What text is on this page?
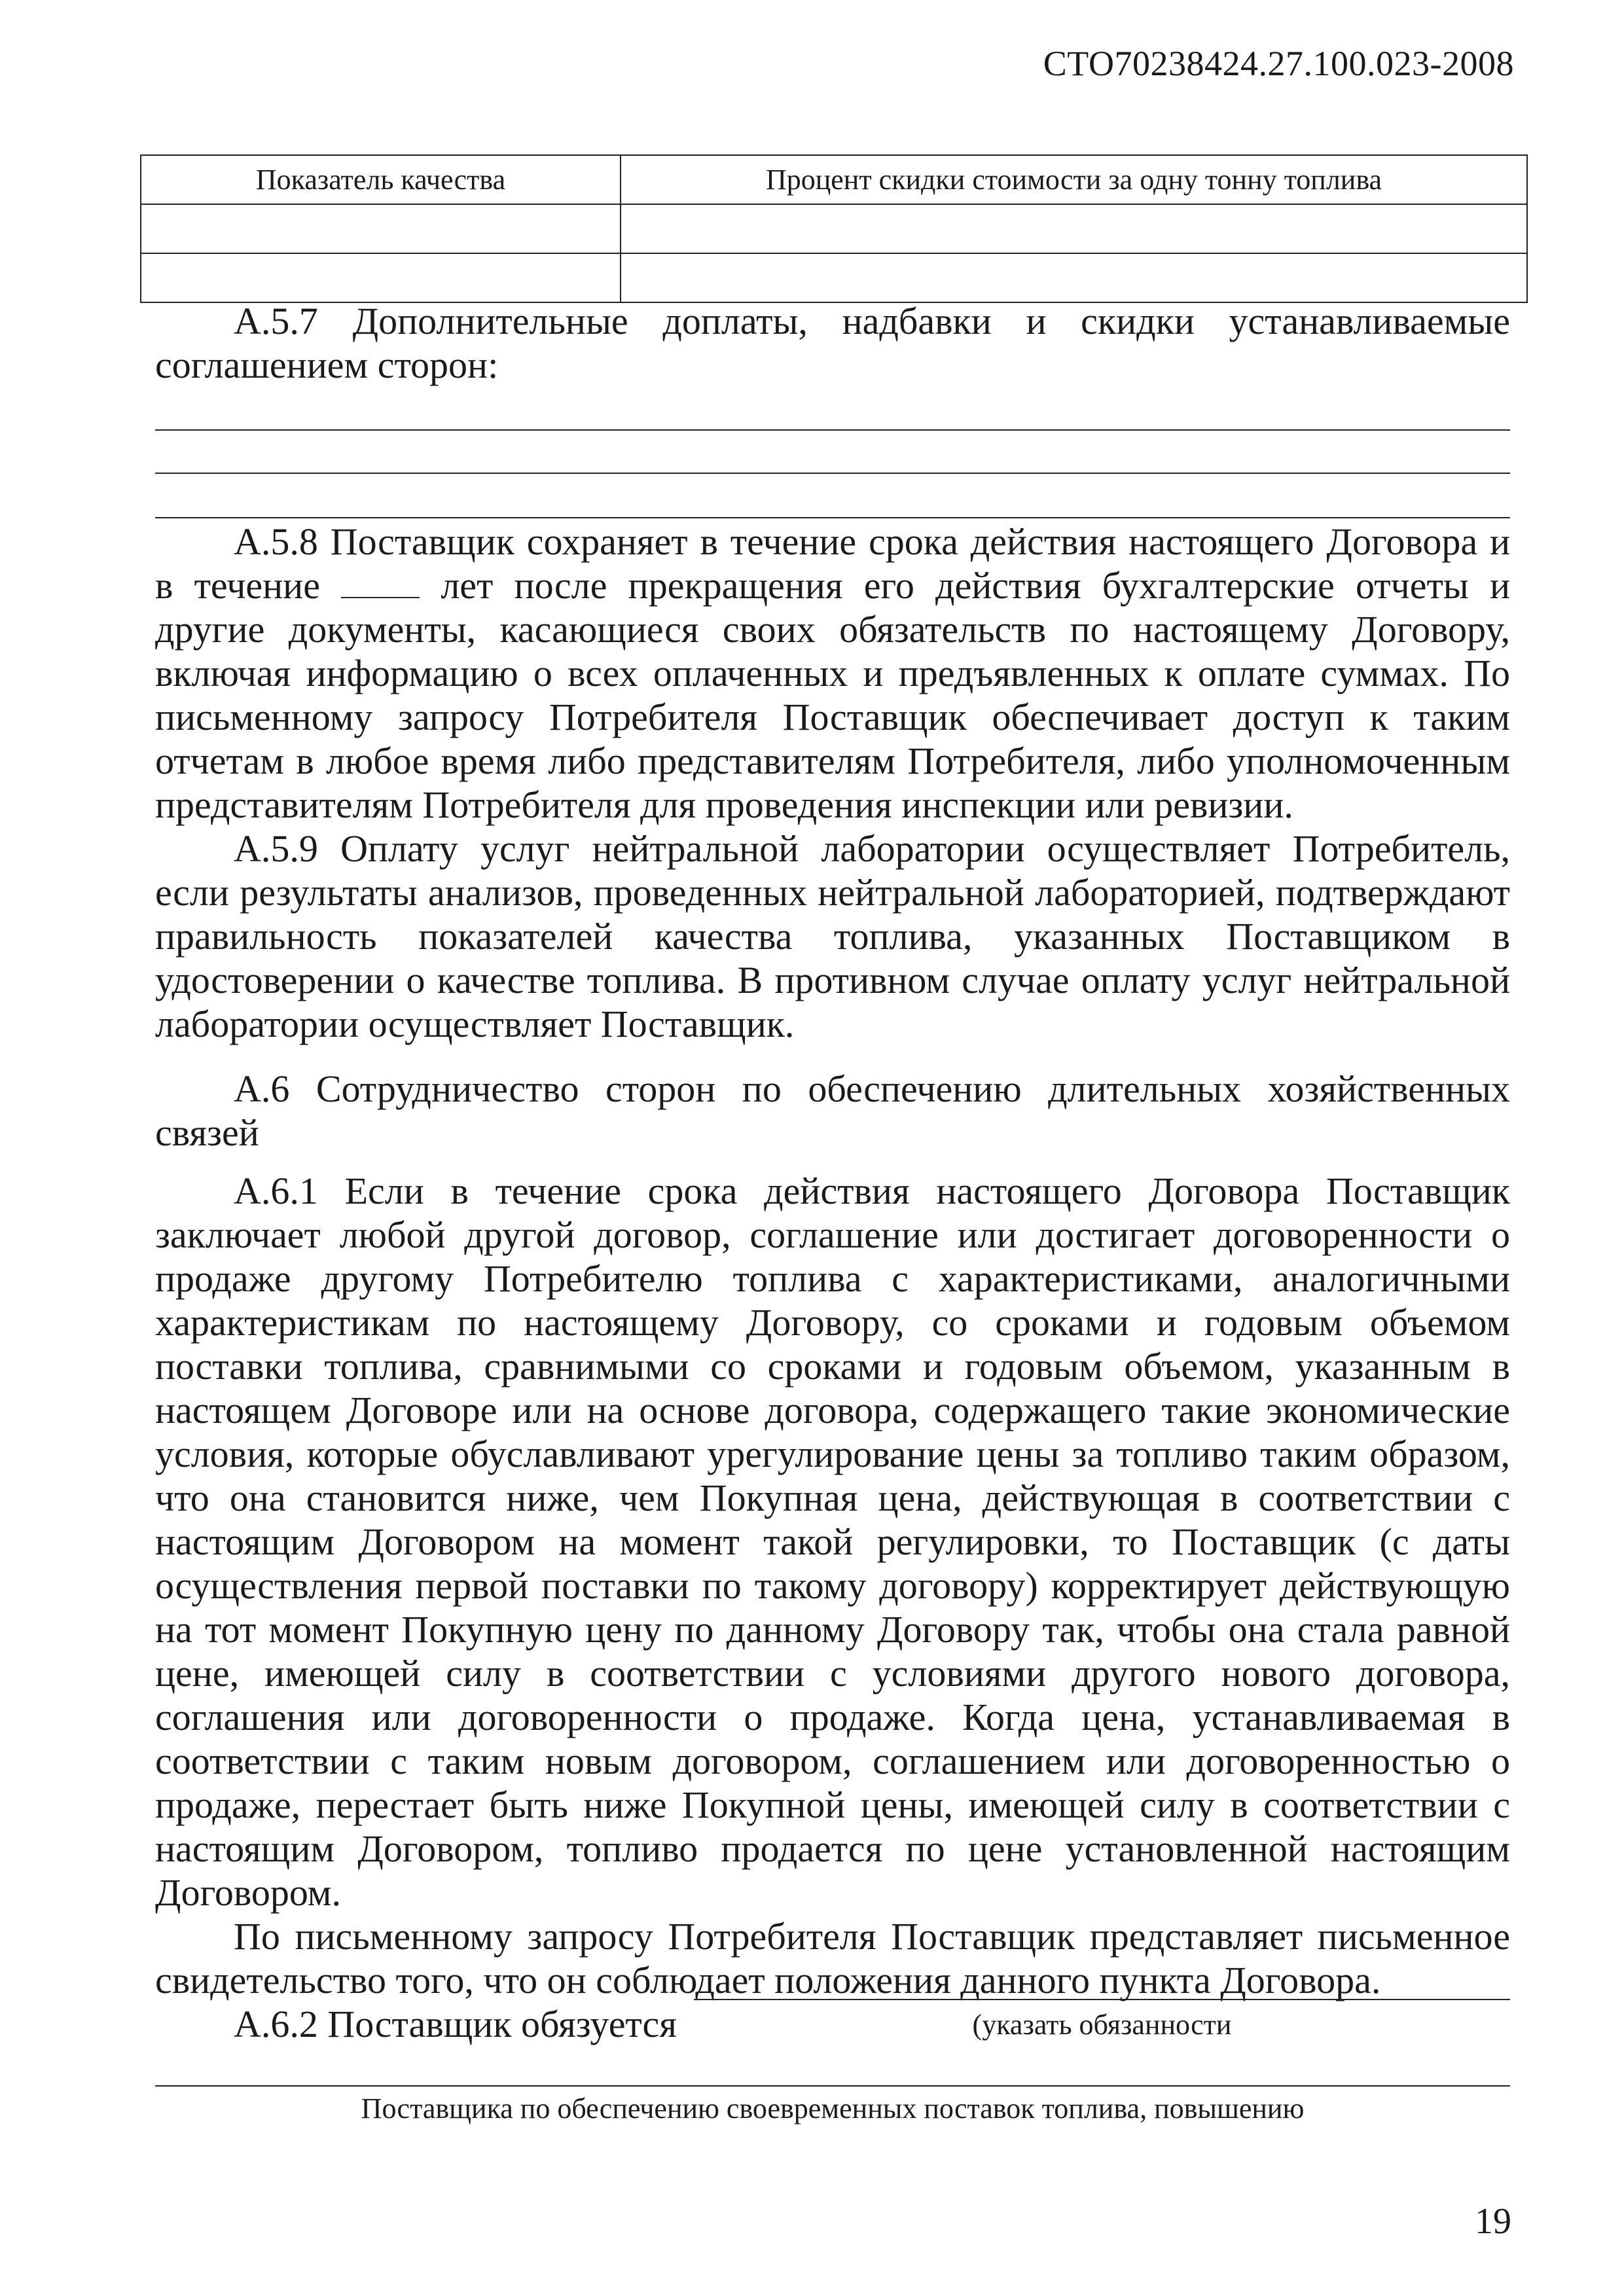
СТО70238424.27.100.023-2008
Показатель качества	Процент скидки стоимости за одну тонну топлива

А.5.7 Дополнительные доплаты, надбавки и скидки устанавливаемые соглашением сторон:

А.5.8 Поставщик сохраняет в течение срока действия настоящего Договора и в течение  лет после прекращения его действия бухгалтерские отчеты и другие документы, касающиеся своих обязательств по настоящему Договору, включая информацию о всех оплаченных и предъявленных к оплате суммах. По письменному запросу Потребителя Поставщик обеспечивает доступ к таким отчетам в любое время либо представителям Потребителя, либо уполномоченным представителям Потребителя для проведения инспекции или ревизии.

А.5.9 Оплату услуг нейтральной лаборатории осуществляет Потребитель, если результаты анализов, проведенных нейтральной лабораторией, подтверждают правильность показателей качества топлива, указанных Поставщиком в удостоверении о качестве топлива. В противном случае оплату услуг нейтральной лаборатории осуществляет Поставщик.

А.6 Сотрудничество сторон по обеспечению длительных хозяйственных связей

А.6.1 Если в течение срока действия настоящего Договора Поставщик заключает любой другой договор, соглашение или достигает договоренности о продаже другому Потребителю топлива с характеристиками, аналогичными характеристикам по настоящему Договору, со сроками и годовым объемом поставки топлива, сравнимыми со сроками и годовым объемом, указанным в настоящем Договоре или на основе договора, содержащего такие экономические условия, которые обуславливают урегулирование цены за топливо таким образом, что она становится ниже, чем Покупная цена, действующая в соответствии с настоящим Договором на момент такой регулировки, то Поставщик (с даты осуществления первой поставки по такому договору) корректирует действующую на тот момент Покупную цену по данному Договору так, чтобы она стала равной цене, имеющей силу в соответствии с условиями другого нового договора, соглашения или договоренности о продаже. Когда цена, устанавливаемая в соответствии с таким новым договором, соглашением или договоренностью о продаже, перестает быть ниже Покупной цены, имеющей силу в соответствии с настоящим Договором, топливо продается по цене установленной настоящим Договором.

По письменному запросу Потребителя Поставщик представляет письменное свидетельство того, что он соблюдает положения данного пункта Договора.

А.6.2 Поставщик обязуется	(указать обязанности
Поставщика по обеспечению своевременных поставок топлива, повышению
19
